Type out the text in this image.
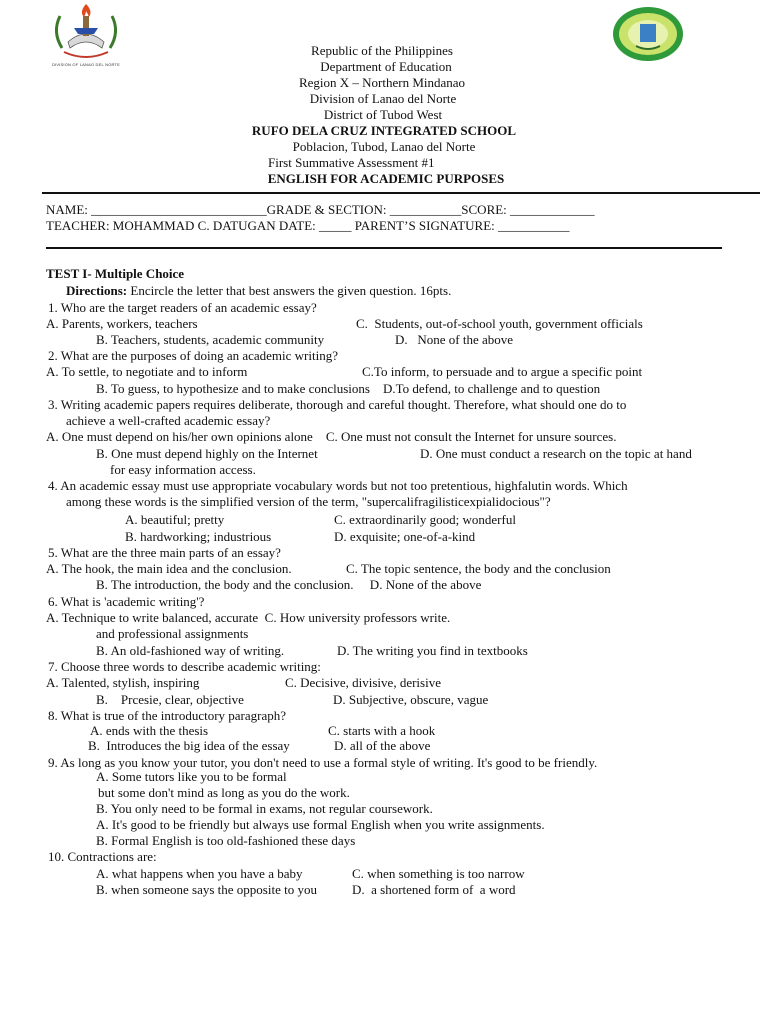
DIVISION OF LANAO DEL NORTE
Republic of the Philippines
Department of Education
Region X – Northern Mindanao
Division of Lanao del Norte
District of Tubod West
RUFO DELA CRUZ INTEGRATED SCHOOL
Poblacion, Tubod, Lanao del Norte
First Summative Assessment #1
ENGLISH FOR ACADEMIC PURPOSES
NAME: ___________________________GRADE & SECTION: ___________SCORE: _____________
TEACHER: MOHAMMAD C. DATUGAN DATE: _____ PARENT’S SIGNATURE: ___________
TEST I- Multiple Choice
Directions: Encircle the letter that best answers the given question. 16pts.
1. Who are the target readers of an academic essay?
A. Parents, workers, teachers	C.  Students, out-of-school youth, government officials
B. Teachers, students, academic community	D.   None of the above
2. What are the purposes of doing an academic writing?
A. To settle, to negotiate and to inform	C.To inform, to persuade and to argue a specific point
B. To guess, to hypothesize and to make conclusions    D.To defend, to challenge and to question
3. Writing academic papers requires deliberate, thorough and careful thought. Therefore, what should one do to
achieve a well-crafted academic essay?
A. One must depend on his/her own opinions alone    C. One must not consult the Internet for unsure sources.
B. One must depend highly on the Internet	D. One must conduct a research on the topic at hand
for easy information access.
4. An academic essay must use appropriate vocabulary words but not too pretentious, highfalutin words. Which
among these words is the simplified version of the term, "supercalifragilisticexpialidocious"?
A. beautiful; pretty	C. extraordinarily good; wonderful
B. hardworking; industrious	D. exquisite; one-of-a-kind
5. What are the three main parts of an essay?
A. The hook, the main idea and the conclusion.	C. The topic sentence, the body and the conclusion
B. The introduction, the body and the conclusion.     D. None of the above
6. What is 'academic writing'?
A. Technique to write balanced, accurate  C. How university professors write.
and professional assignments
B. An old-fashioned way of writing.	D. The writing you find in textbooks
7. Choose three words to describe academic writing:
A. Talented, stylish, inspiring	C. Decisive, divisive, derisive
B.    Prcesie, clear, objective	D. Subjective, obscure, vague
8. What is true of the introductory paragraph?
A. ends with the thesis	C. starts with a hook
B.  Introduces the big idea of the essay	D. all of the above
9. As long as you know your tutor, you don't need to use a formal style of writing. It's good to be friendly.
A. Some tutors like you to be formal
but some don't mind as long as you do the work.
B. You only need to be formal in exams, not regular coursework.
A. It's good to be friendly but always use formal English when you write assignments.
B. Formal English is too old-fashioned these days
10. Contractions are:
A. what happens when you have a baby	C. when something is too narrow
B. when someone says the opposite to you	D.  a shortened form of  a word
